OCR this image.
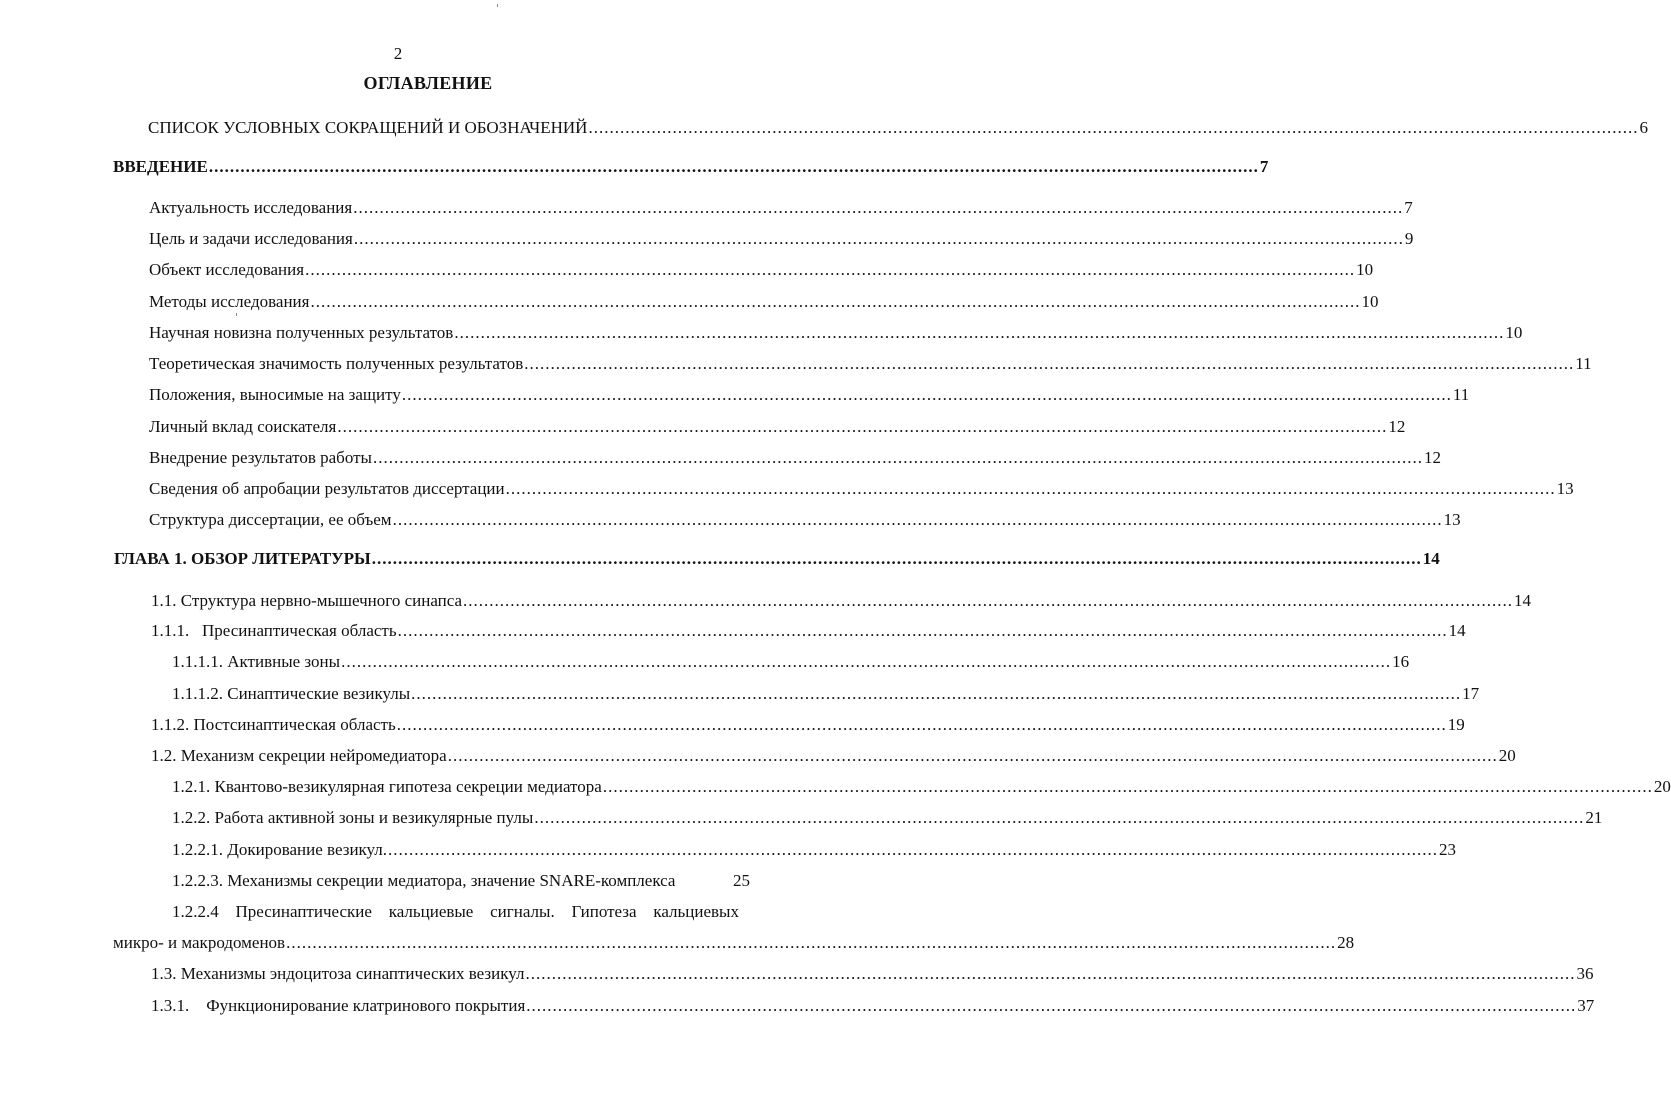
2
ОГЛАВЛЕНИЕ
СПИСОК УСЛОВНЫХ СОКРАЩЕНИЙ И ОБОЗНАЧЕНИЙ ........................................................................................................................................................................................................ 6
ВВЕДЕНИЕ ........................................................................................................................................................................................................ 7
Актуальность исследования ........................................................................................................................................................................................................ 7
Цель и задачи исследования ........................................................................................................................................................................................................ 9
Объект исследования ........................................................................................................................................................................................................ 10
Методы исследования ........................................................................................................................................................................................................ 10
Научная новизна полученных результатов ........................................................................................................................................................................................................ 10
Теоретическая значимость полученных результатов ........................................................................................................................................................................................................ 11
Положения, выносимые на защиту ........................................................................................................................................................................................................ 11
Личный вклад соискателя ........................................................................................................................................................................................................ 12
Внедрение результатов работы ........................................................................................................................................................................................................ 12
Сведения об апробации результатов диссертации ........................................................................................................................................................................................................ 13
Структура диссертации, ее объем ........................................................................................................................................................................................................ 13
ГЛАВА 1. ОБЗОР ЛИТЕРАТУРЫ ........................................................................................................................................................................................................ 14
1.1. Структура нервно-мышечного синапса ........................................................................................................................................................................................................ 14
1.1.1.   Пресинаптическая область ........................................................................................................................................................................................................ 14
1.1.1.1. Активные зоны ........................................................................................................................................................................................................ 16
1.1.1.2. Синаптические везикулы ........................................................................................................................................................................................................ 17
1.1.2. Постсинаптическая область ........................................................................................................................................................................................................ 19
1.2. Механизм секреции нейромедиатора ........................................................................................................................................................................................................ 20
1.2.1. Квантово-везикулярная гипотеза секреции медиатора ........................................................................................................................................................................................................ 20
1.2.2. Работа активной зоны и везикулярные пулы ........................................................................................................................................................................................................ 21
1.2.2.1. Докирование везикул. ........................................................................................................................................................................................................ 23
1.2.2.3. Механизмы секреции медиатора, значение SNARE-комплекса	25
1.2.2.4 Пресинаптические кальциевые сигналы. Гипотеза кальциевых
микро- и макродоменов ........................................................................................................................................................................................................ 28
1.3. Механизмы эндоцитоза синаптических везикул ........................................................................................................................................................................................................ 36
1.3.1.    Функционирование клатринового покрытия ........................................................................................................................................................................................................ 37
